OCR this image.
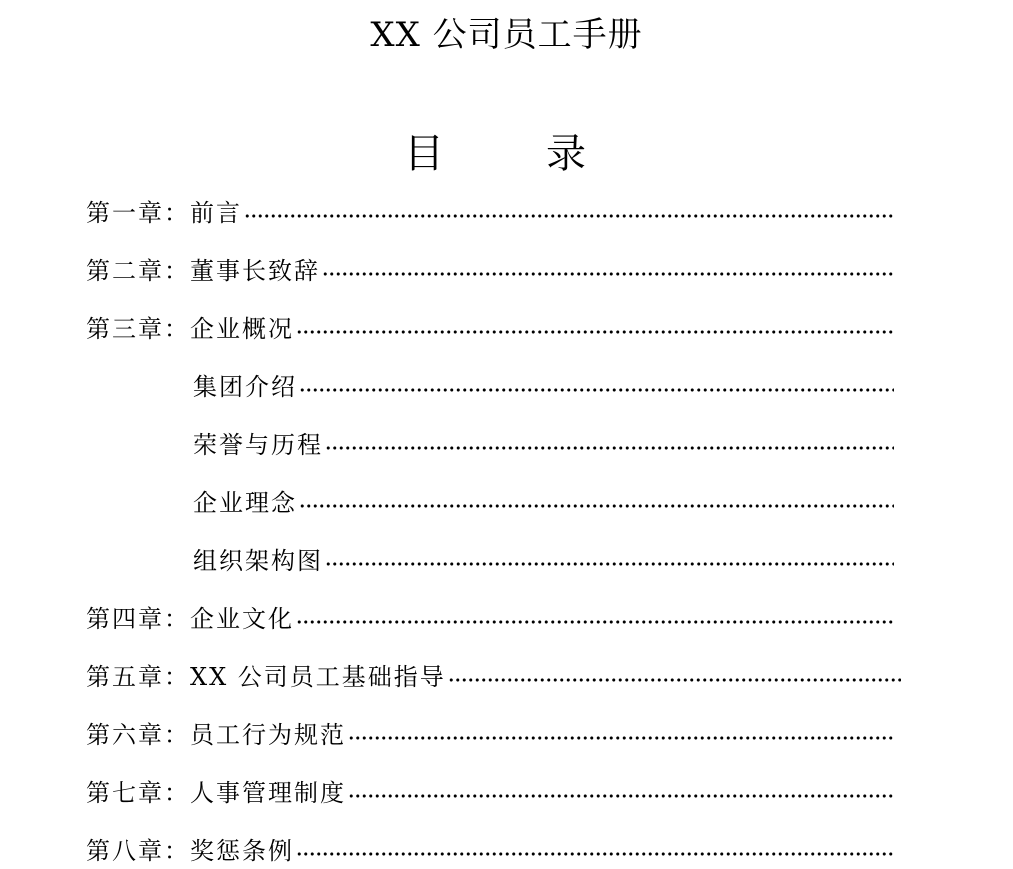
XX 公司员工手册
目	录
第一章： 前言
第二章： 董事长致辞
第三章： 企业概况
集团介绍
荣誉与历程
企业理念
组织架构图
第四章： 企业文化
第五章： XX 公司员工基础指导
第六章： 员工行为规范
第七章： 人事管理制度
第八章： 奖惩条例
